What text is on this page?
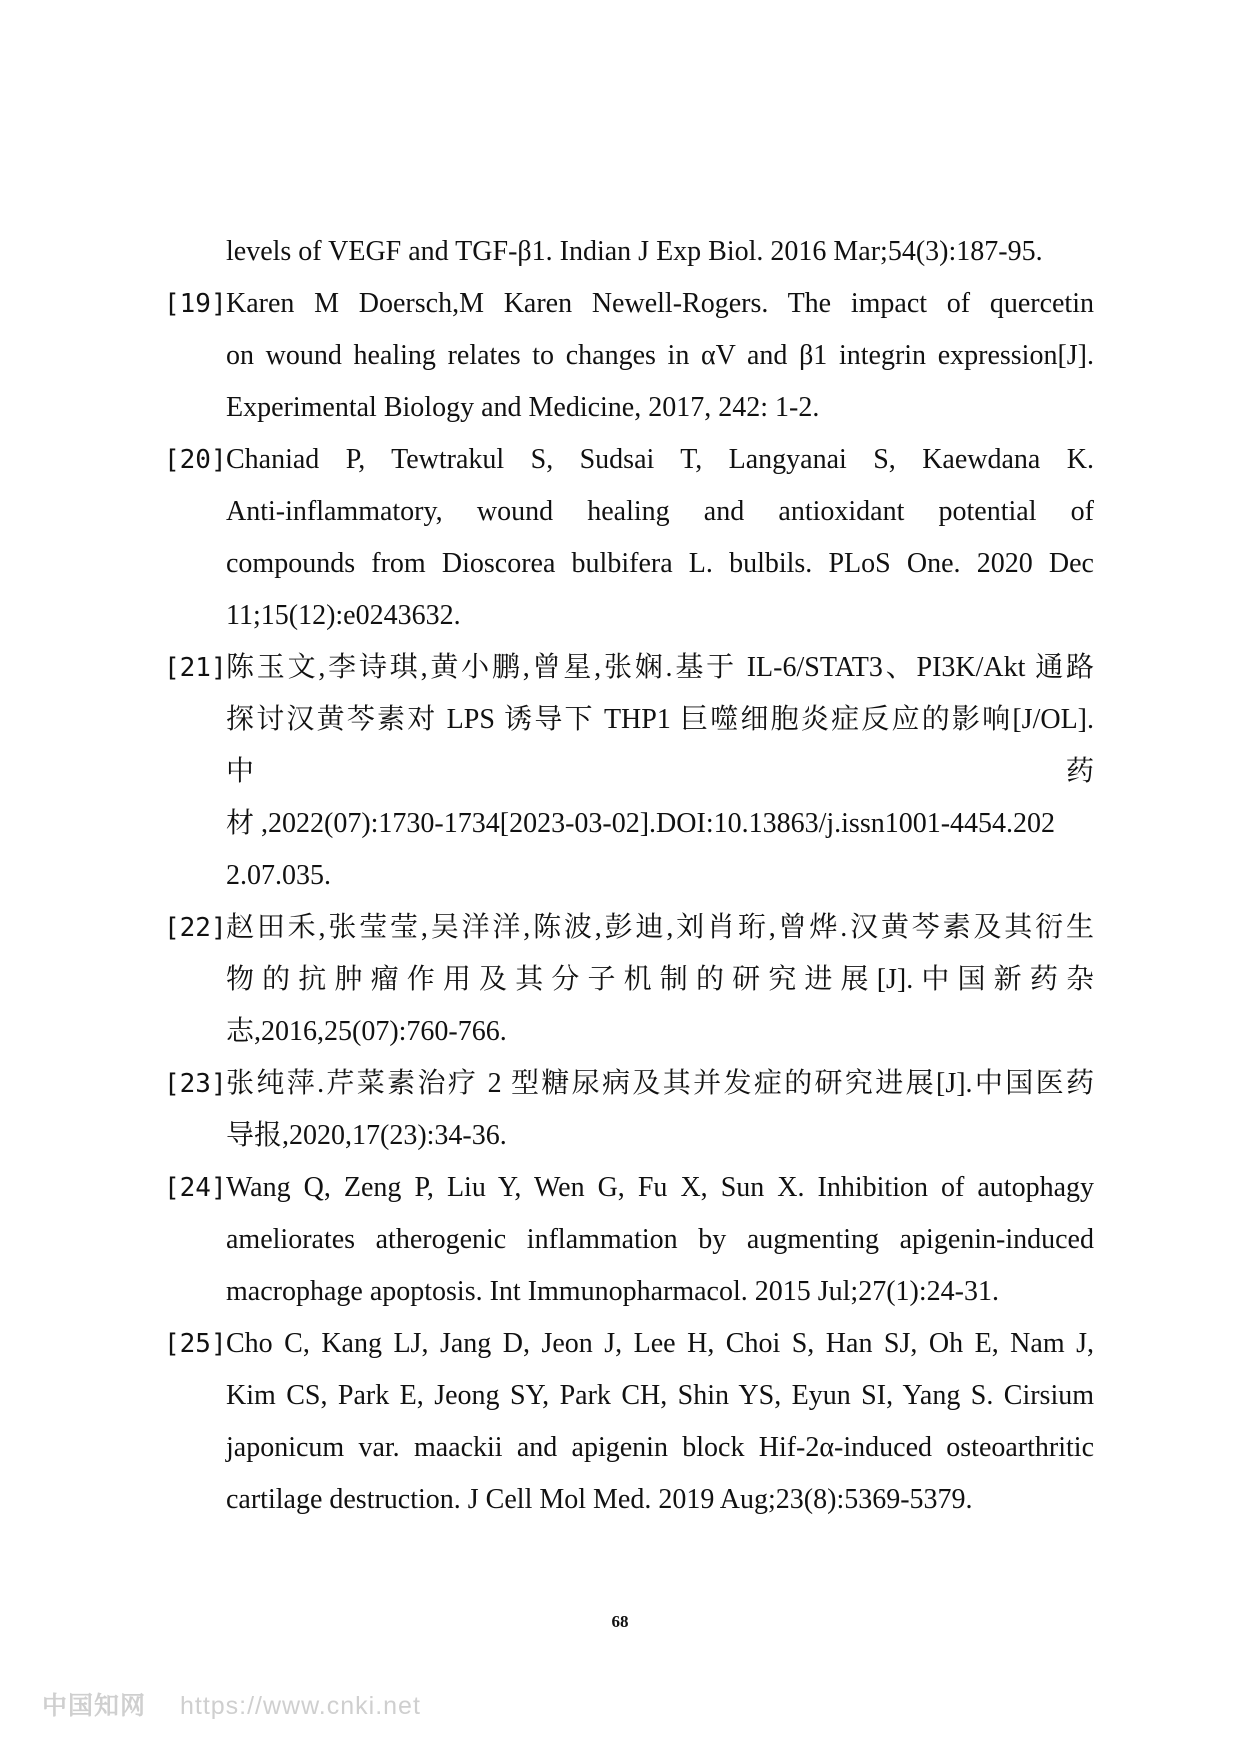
levels of VEGF and TGF-β1. Indian J Exp Biol. 2016 Mar;54(3):187-95.
[19] Karen M Doersch,M Karen Newell-Rogers. The impact of quercetin
on wound healing relates to changes in αV and β1 integrin expression[J].
Experimental Biology and Medicine, 2017, 242: 1-2.
[20] Chaniad P, Tewtrakul S, Sudsai T, Langyanai S, Kaewdana K.
Anti-inflammatory, wound healing and antioxidant potential of
compounds from Dioscorea bulbifera L. bulbils. PLoS One. 2020 Dec
11;15(12):e0243632.
[21] 陈玉文,李诗琪,黄小鹏,曾星,张娴.基于 IL-6/STAT3、PI3K/Akt 通路
探讨汉黄芩素对 LPS 诱导下 THP1 巨噬细胞炎症反应的影响[J/OL].
中 药
材 ,2022(07):1730-1734[2023-03-02].DOI:10.13863/j.issn1001-4454.202
2.07.035.
[22] 赵田禾,张莹莹,吴洋洋,陈波,彭迪,刘肖珩,曾烨.汉黄芩素及其衍生
物的抗肿瘤作用及其分子机制的研究进展[J].中国新药杂
志,2016,25(07):760-766.
[23] 张纯萍.芹菜素治疗 2 型糖尿病及其并发症的研究进展[J].中国医药
导报,2020,17(23):34-36.
[24] Wang Q, Zeng P, Liu Y, Wen G, Fu X, Sun X. Inhibition of autophagy
ameliorates atherogenic inflammation by augmenting apigenin-induced
macrophage apoptosis. Int Immunopharmacol. 2015 Jul;27(1):24-31.
[25] Cho C, Kang LJ, Jang D, Jeon J, Lee H, Choi S, Han SJ, Oh E, Nam J,
Kim CS, Park E, Jeong SY, Park CH, Shin YS, Eyun SI, Yang S. Cirsium
japonicum var. maackii and apigenin block Hif-2α-induced osteoarthritic
cartilage destruction. J Cell Mol Med. 2019 Aug;23(8):5369-5379.
68
中国知网 https://www.cnki.net
